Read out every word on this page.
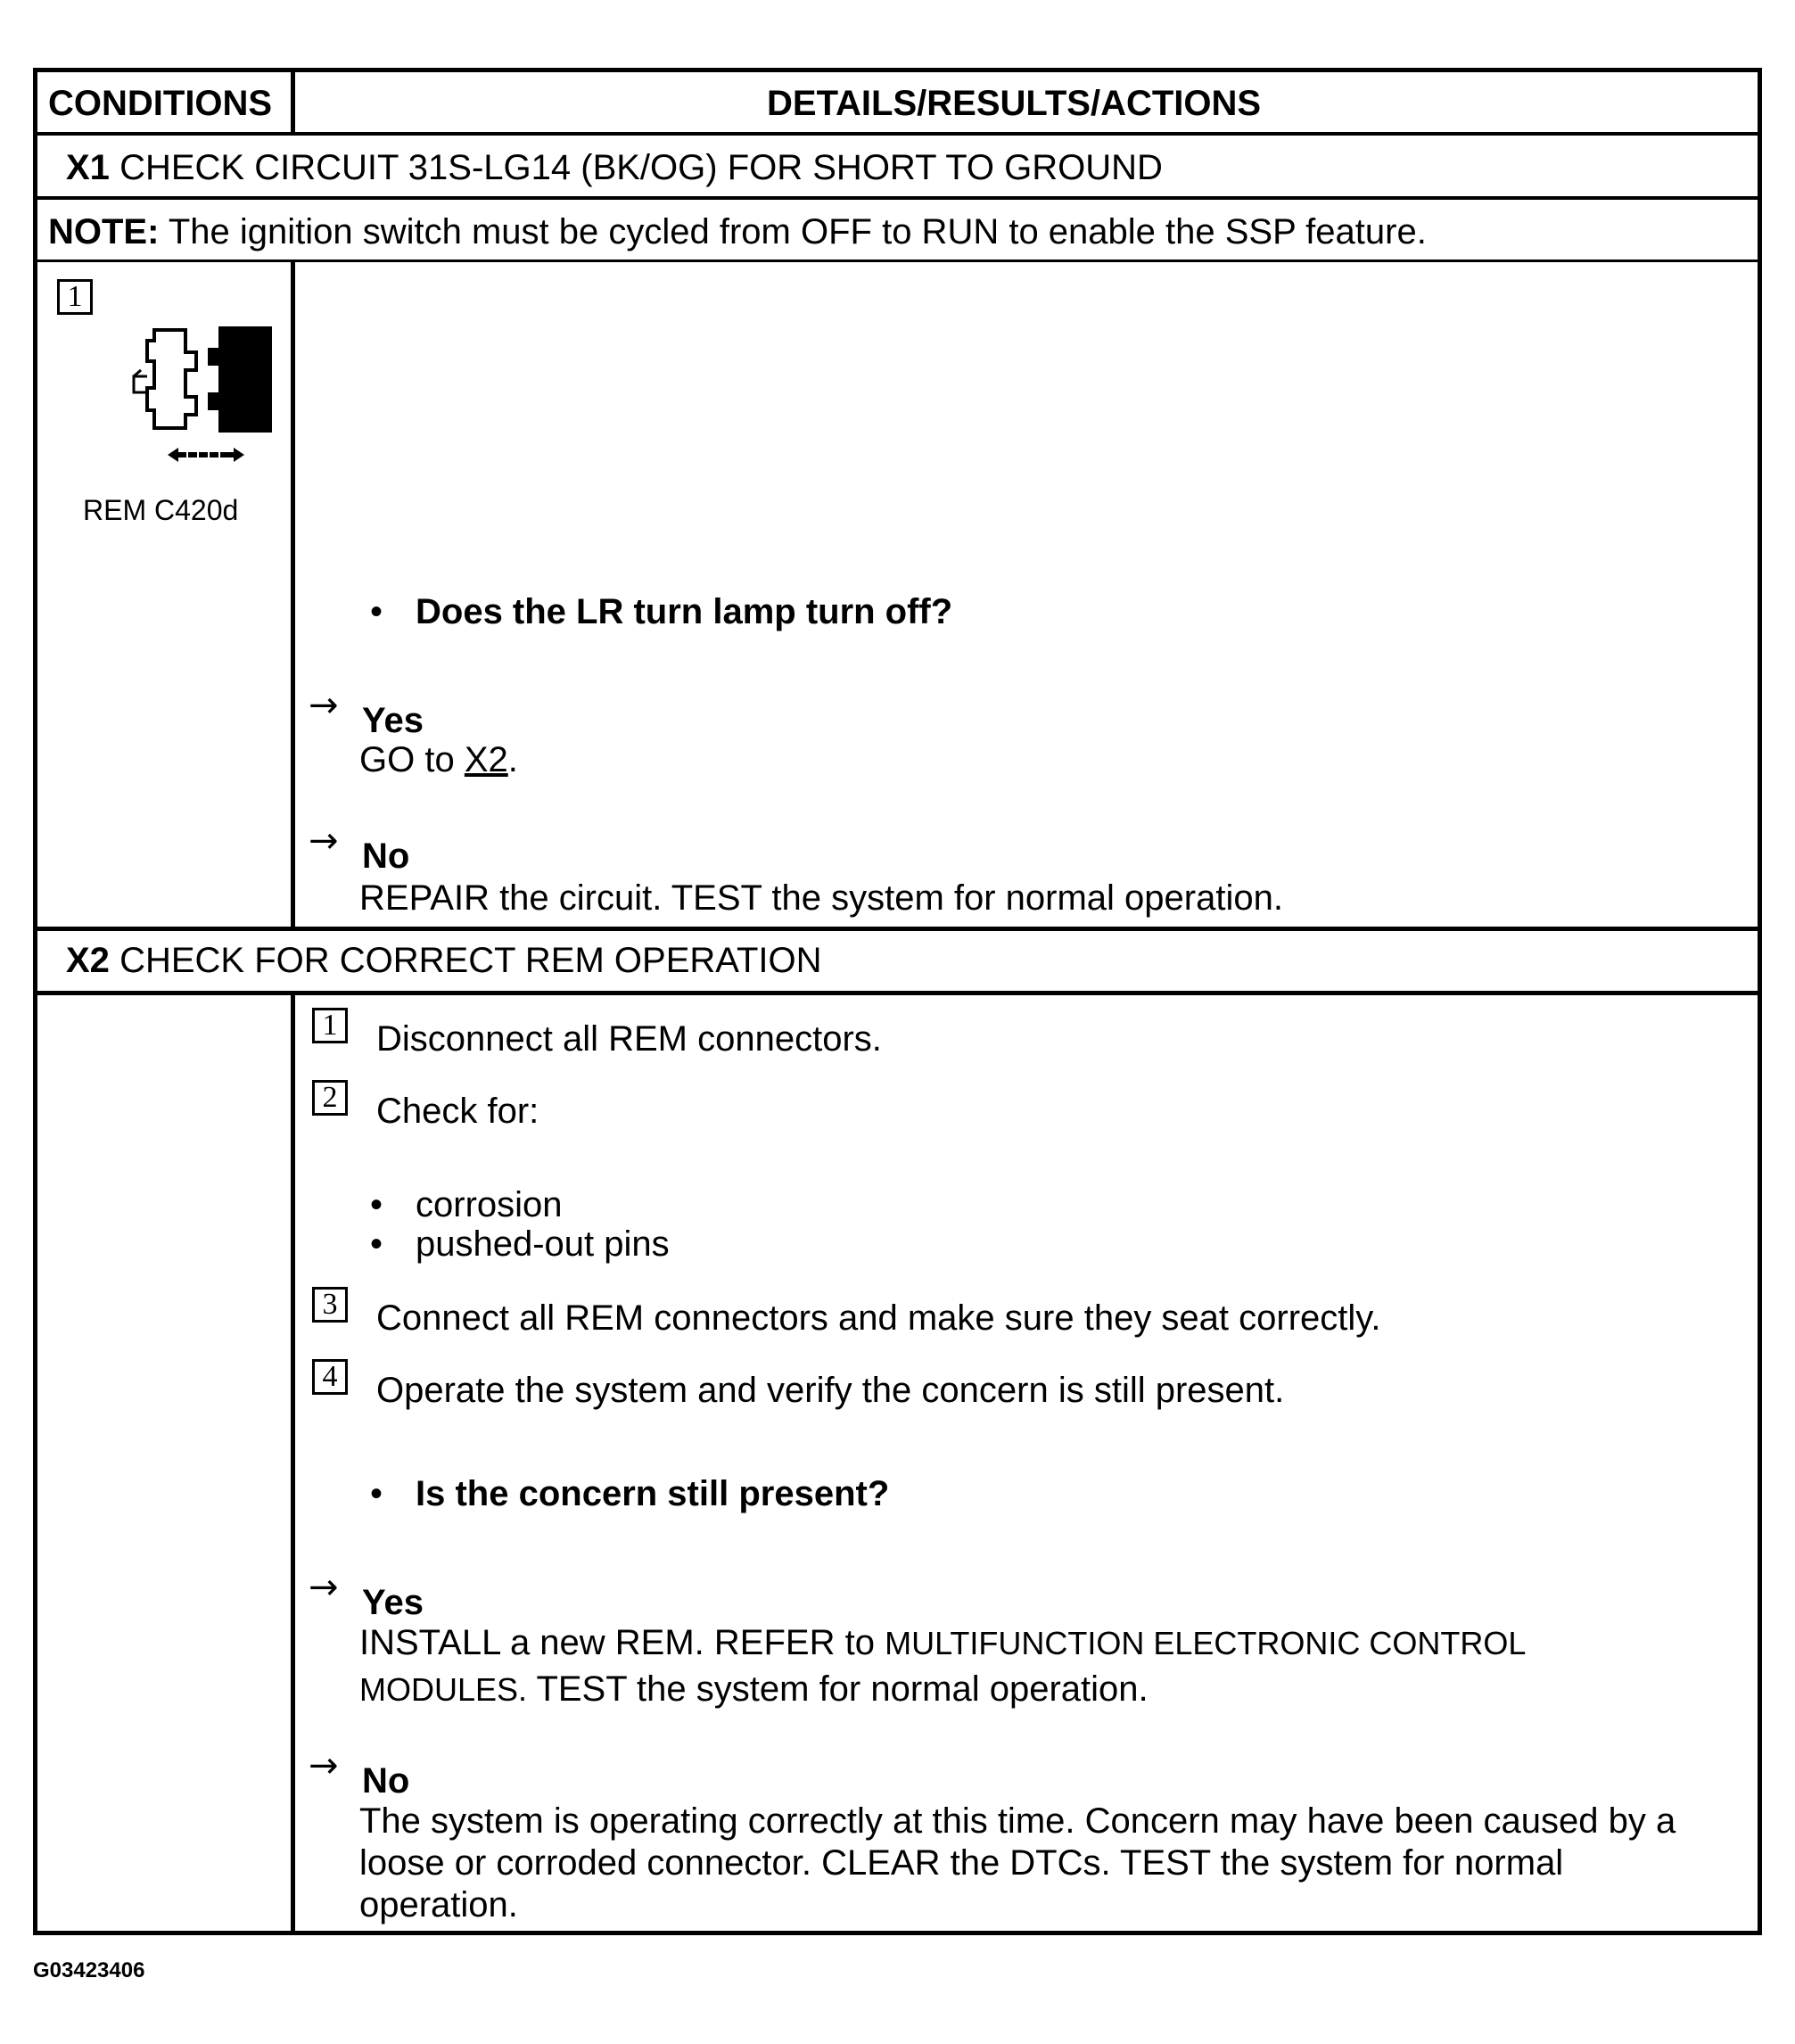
CONDITIONS	DETAILS/RESULTS/ACTIONS
X1 CHECK CIRCUIT 31S-LG14 (BK/OG) FOR SHORT TO GROUND
NOTE: The ignition switch must be cycled from OFF to RUN to enable the SSP feature.
1
REM C420d
• Does the LR turn lamp turn off?
→ Yes
GO to X2.
→ No
REPAIR the circuit. TEST the system for normal operation.
X2 CHECK FOR CORRECT REM OPERATION
1 Disconnect all REM connectors.
2 Check for:
• corrosion
• pushed-out pins
3 Connect all REM connectors and make sure they seat correctly.
4 Operate the system and verify the concern is still present.
• Is the concern still present?
→ Yes
INSTALL a new REM. REFER to MULTIFUNCTION ELECTRONIC CONTROL
MODULES. TEST the system for normal operation.
→ No
The system is operating correctly at this time. Concern may have been caused by a
loose or corroded connector. CLEAR the DTCs. TEST the system for normal
operation.
G03423406
